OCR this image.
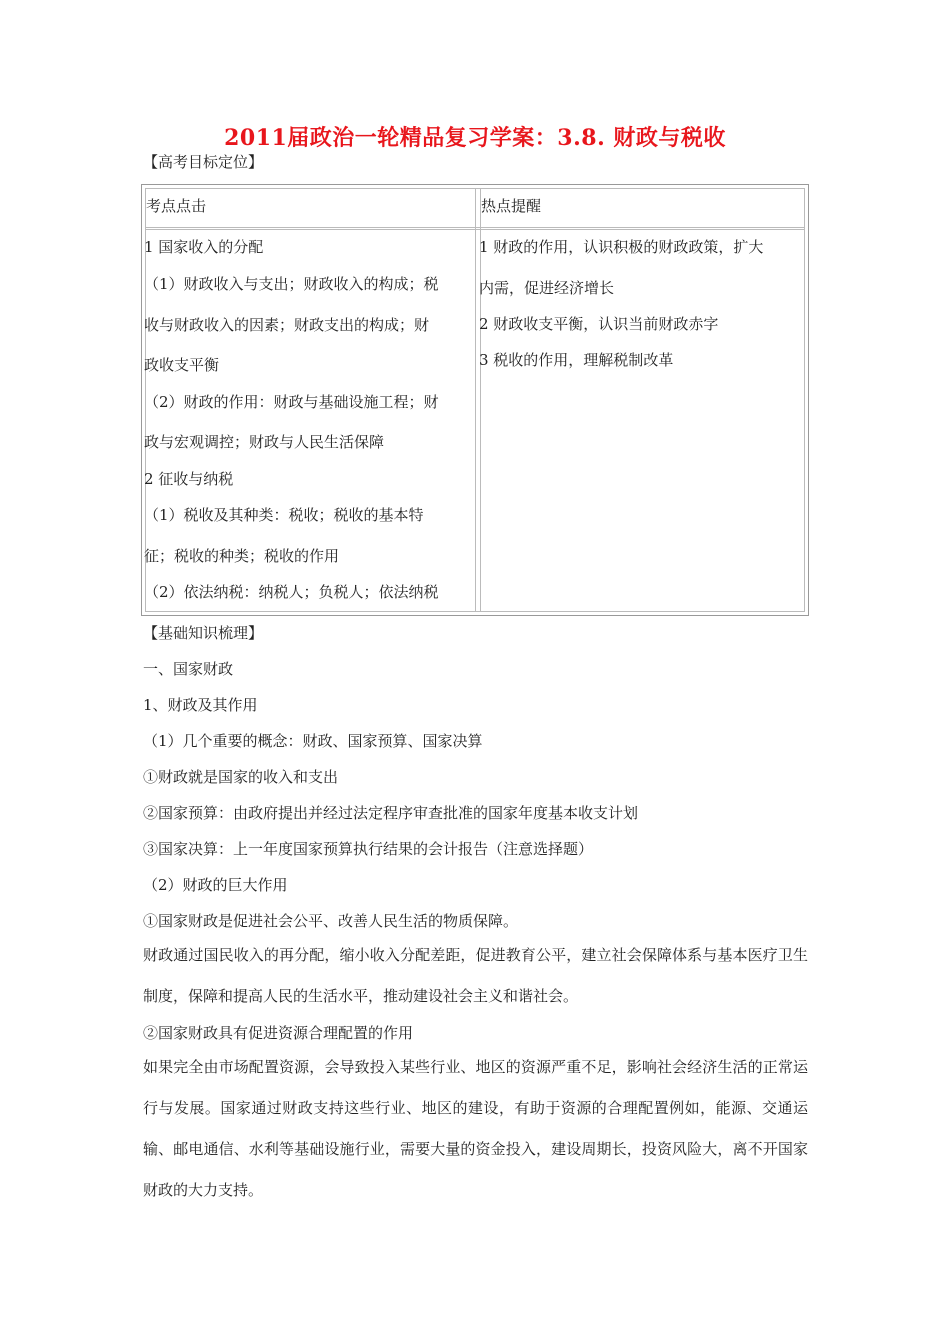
2011届政治一轮精品复习学案：3.8. 财政与税收
【高考目标定位】
考点点击	热点提醒
1 国家收入的分配
（1）财政收入与支出；财政收入的构成；税
收与财政收入的因素；财政支出的构成；财
政收支平衡
（2）财政的作用：财政与基础设施工程；财
政与宏观调控；财政与人民生活保障
2 征收与纳税
（1）税收及其种类：税收；税收的基本特
征；税收的种类；税收的作用
（2）依法纳税：纳税人；负税人；依法纳税
1 财政的作用，认识积极的财政政策，扩大
内需，促进经济增长
2 财政收支平衡，认识当前财政赤字
3 税收的作用，理解税制改革
【基础知识梳理】
一、国家财政
1、财政及其作用
（1）几个重要的概念：财政、国家预算、国家决算
①财政就是国家的收入和支出
②国家预算：由政府提出并经过法定程序审查批准的国家年度基本收支计划
③国家决算：上一年度国家预算执行结果的会计报告（注意选择题）
（2）财政的巨大作用
①国家财政是促进社会公平、改善人民生活的物质保障。
财政通过国民收入的再分配，缩小收入分配差距，促进教育公平，建立社会保障体系与基本医疗卫生制度，保障和提高人民的生活水平，推动建设社会主义和谐社会。
②国家财政具有促进资源合理配置的作用
如果完全由市场配置资源，会导致投入某些行业、地区的资源严重不足，影响社会经济生活的正常运行与发展。国家通过财政支持这些行业、地区的建设，有助于资源的合理配置例如，能源、交通运输、邮电通信、水利等基础设施行业，需要大量的资金投入，建设周期长，投资风险大，离不开国家财政的大力支持。
